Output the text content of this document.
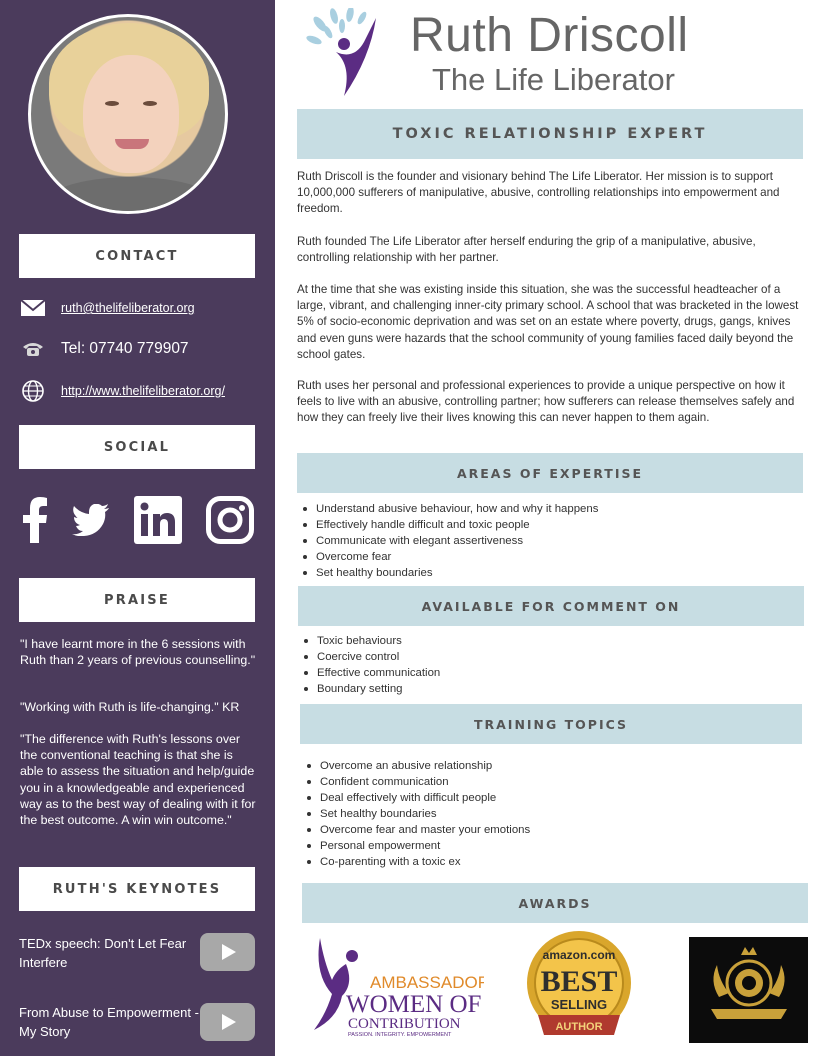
CONTACT
ruth@thelifeliberator.org
Tel: 07740 779907
http://www.thelifeliberator.org/
SOCIAL
PRAISE
"I have learnt more in the 6 sessions with Ruth than 2 years of previous counselling."
"Working with Ruth is life-changing." KR
"The difference with Ruth's lessons over the conventional teaching is that she is able to assess the situation and help/guide you in a knowledgeable and experienced way as to the best way of dealing with it for the best outcome. A win win outcome."
RUTH'S KEYNOTES
TEDx speech: Don't Let Fear Interfere
From Abuse to Empowerment - My Story
Ruth Driscoll
The Life Liberator
TOXIC RELATIONSHIP EXPERT
Ruth Driscoll is the founder and visionary behind The Life Liberator. Her mission is to support 10,000,000 sufferers of manipulative, abusive, controlling relationships into empowerment and freedom.
Ruth founded The Life Liberator after herself enduring the grip of a manipulative, abusive, controlling relationship with her partner.
At the time that she was existing inside this situation, she was the successful headteacher of a large, vibrant, and challenging inner-city primary school. A school that was bracketed in the lowest 5% of socio-economic deprivation and was set on an estate where poverty, drugs, gangs, knives and even guns were hazards that the school community of young families faced daily beyond the school gates.
Ruth uses her personal and professional experiences to provide a unique perspective on how it feels to live with an abusive, controlling partner; how sufferers can release themselves safely and how they can freely live their lives knowing this can never happen to them again.
AREAS OF EXPERTISE
Understand abusive behaviour, how and why it happens
Effectively handle difficult and toxic people
Communicate with elegant assertiveness
Overcome fear
Set healthy boundaries
AVAILABLE FOR COMMENT ON
Toxic behaviours
Coercive control
Effective communication
Boundary setting
TRAINING TOPICS
Overcome an abusive relationship
Confident communication
Deal effectively with difficult people
Set healthy boundaries
Overcome fear and master your emotions
Personal empowerment
Co-parenting with a toxic ex
AWARDS
AMBASSADOR
WOMEN OF
CONTRIBUTION
PASSION. INTEGRITY. EMPOWERMENT
amazon.com
BEST
SELLING
AUTHOR
